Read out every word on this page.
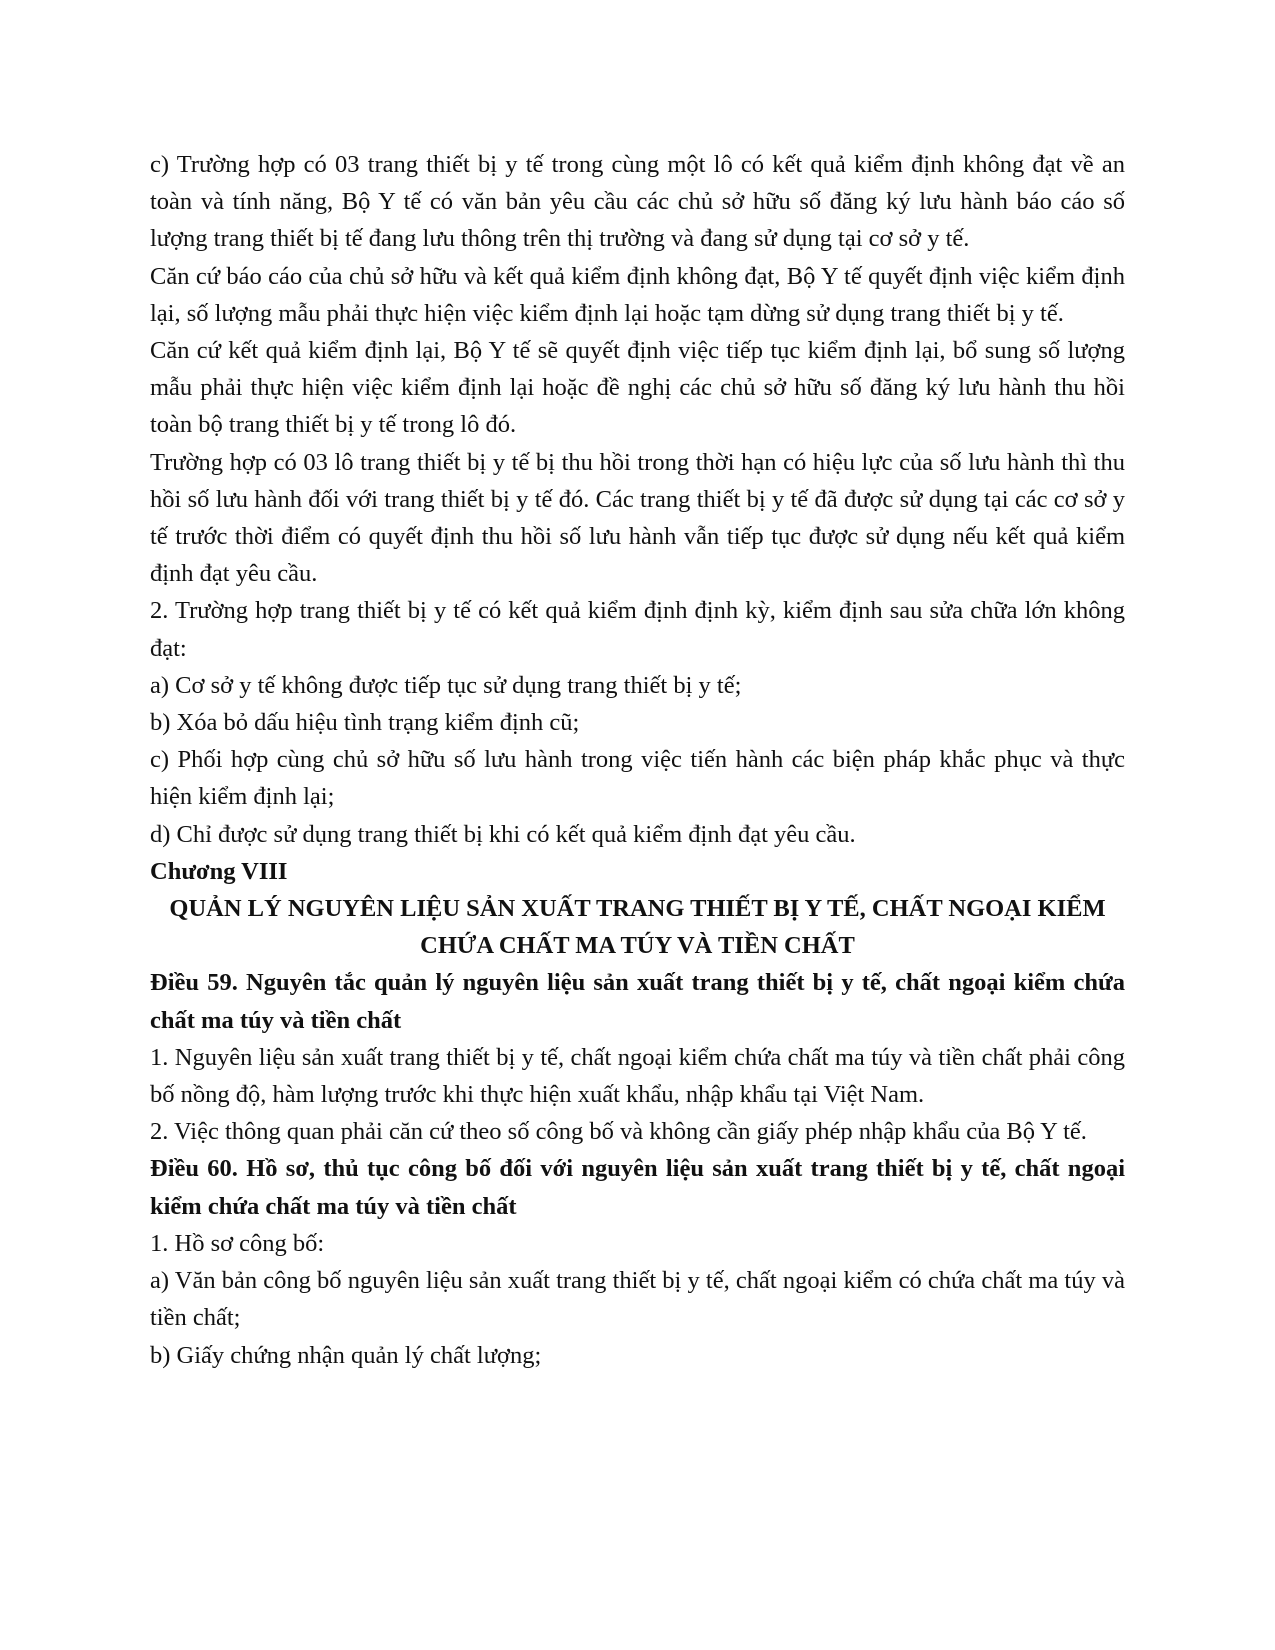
c) Trường hợp có 03 trang thiết bị y tế trong cùng một lô có kết quả kiểm định không đạt về an toàn và tính năng, Bộ Y tế có văn bản yêu cầu các chủ sở hữu số đăng ký lưu hành báo cáo số lượng trang thiết bị tế đang lưu thông trên thị trường và đang sử dụng tại cơ sở y tế.

Căn cứ báo cáo của chủ sở hữu và kết quả kiểm định không đạt, Bộ Y tế quyết định việc kiểm định lại, số lượng mẫu phải thực hiện việc kiểm định lại hoặc tạm dừng sử dụng trang thiết bị y tế.

Căn cứ kết quả kiểm định lại, Bộ Y tế sẽ quyết định việc tiếp tục kiểm định lại, bổ sung số lượng mẫu phải thực hiện việc kiểm định lại hoặc đề nghị các chủ sở hữu số đăng ký lưu hành thu hồi toàn bộ trang thiết bị y tế trong lô đó.

Trường hợp có 03 lô trang thiết bị y tế bị thu hồi trong thời hạn có hiệu lực của số lưu hành thì thu hồi số lưu hành đối với trang thiết bị y tế đó. Các trang thiết bị y tế đã được sử dụng tại các cơ sở y tế trước thời điểm có quyết định thu hồi số lưu hành vẫn tiếp tục được sử dụng nếu kết quả kiểm định đạt yêu cầu.

2. Trường hợp trang thiết bị y tế có kết quả kiểm định định kỳ, kiểm định sau sửa chữa lớn không đạt:

a) Cơ sở y tế không được tiếp tục sử dụng trang thiết bị y tế;

b) Xóa bỏ dấu hiệu tình trạng kiểm định cũ;

c) Phối hợp cùng chủ sở hữu số lưu hành trong việc tiến hành các biện pháp khắc phục và thực hiện kiểm định lại;

d) Chỉ được sử dụng trang thiết bị khi có kết quả kiểm định đạt yêu cầu.

Chương VIII

QUẢN LÝ NGUYÊN LIỆU SẢN XUẤT TRANG THIẾT BỊ Y TẾ, CHẤT NGOẠI KIỂM CHỨA CHẤT MA TÚY VÀ TIỀN CHẤT

Điều 59. Nguyên tắc quản lý nguyên liệu sản xuất trang thiết bị y tế, chất ngoại kiểm chứa chất ma túy và tiền chất

1. Nguyên liệu sản xuất trang thiết bị y tế, chất ngoại kiểm chứa chất ma túy và tiền chất phải công bố nồng độ, hàm lượng trước khi thực hiện xuất khẩu, nhập khẩu tại Việt Nam.

2. Việc thông quan phải căn cứ theo số công bố và không cần giấy phép nhập khẩu của Bộ Y tế.

Điều 60. Hồ sơ, thủ tục công bố đối với nguyên liệu sản xuất trang thiết bị y tế, chất ngoại kiểm chứa chất ma túy và tiền chất

1. Hồ sơ công bố:

a) Văn bản công bố nguyên liệu sản xuất trang thiết bị y tế, chất ngoại kiểm có chứa chất ma túy và tiền chất;

b) Giấy chứng nhận quản lý chất lượng;
